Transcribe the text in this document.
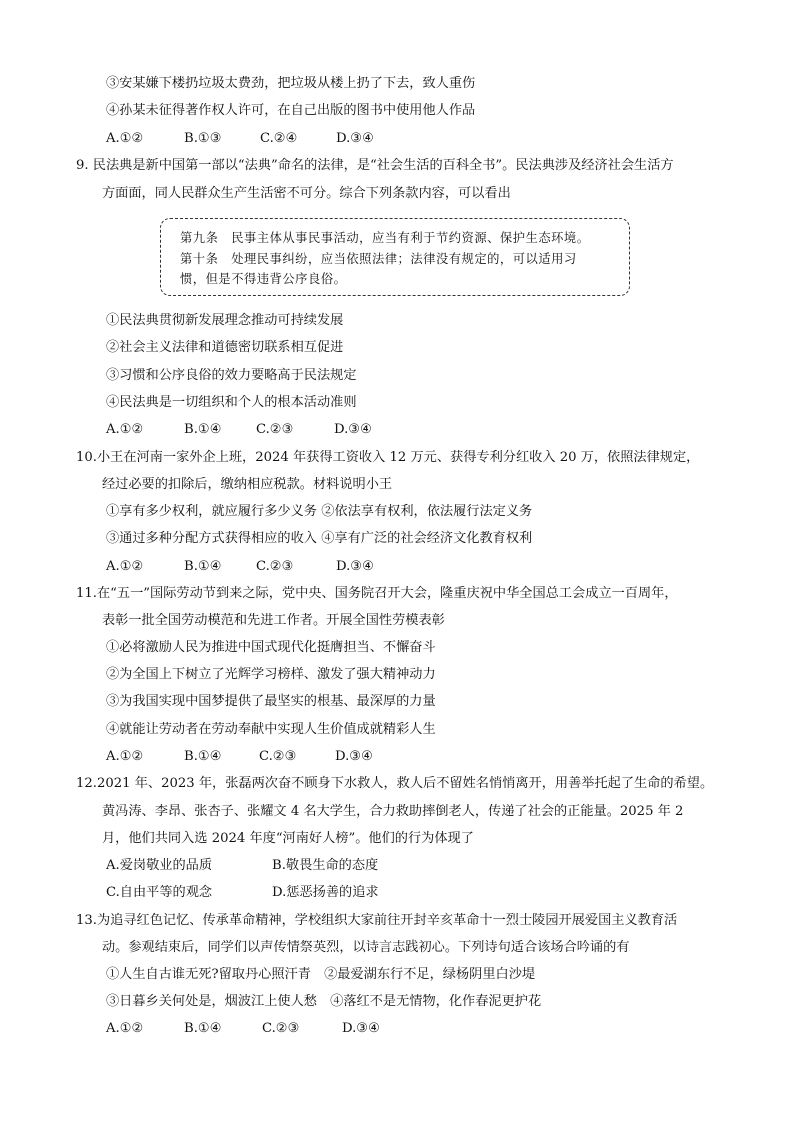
③安某嫌下楼扔垃圾太费劲，把垃圾从楼上扔了下去，致人重伤
④孙某未征得著作权人许可，在自己出版的图书中使用他人作品
A.①②	B.①③	C.②④	D.③④
9. 民法典是新中国第一部以“法典”命名的法律，是“社会生活的百科全书”。民法典涉及经济社会生活方
方面面，同人民群众生产生活密不可分。综合下列条款内容，可以看出
第九条　民事主体从事民事活动，应当有利于节约资源、保护生态环境。
第十条　处理民事纠纷，应当依照法律；法律没有规定的，可以适用习
惯，但是不得违背公序良俗。
①民法典贯彻新发展理念推动可持续发展
②社会主义法律和道德密切联系相互促进
③习惯和公序良俗的效力要略高于民法规定
④民法典是一切组织和个人的根本活动准则
A.①②	B.①④	C.②③	D.③④
10.小王在河南一家外企上班，2024 年获得工资收入 12 万元、获得专利分红收入 20 万，依照法律规定，
经过必要的扣除后，缴纳相应税款。材料说明小王
①享有多少权利，就应履行多少义务 ②依法享有权利，依法履行法定义务
③通过多种分配方式获得相应的收入 ④享有广泛的社会经济文化教育权利
A.①②	B.①④	C.②③	D.③④
11.在“五一”国际劳动节到来之际，党中央、国务院召开大会，隆重庆祝中华全国总工会成立一百周年，
表彰一批全国劳动模范和先进工作者。开展全国性劳模表彰
①必将激励人民为推进中国式现代化挺膺担当、不懈奋斗
②为全国上下树立了光辉学习榜样、激发了强大精神动力
③为我国实现中国梦提供了最坚实的根基、最深厚的力量
④就能让劳动者在劳动奉献中实现人生价值成就精彩人生
A.①②	B.①④	C.②③	D.③④
12.2021 年、2023 年，张磊两次奋不顾身下水救人，救人后不留姓名悄悄离开，用善举托起了生命的希望。
黄冯涛、李昂、张杏子、张耀文 4 名大学生，合力救助摔倒老人，传递了社会的正能量。2025 年 2
月，他们共同入选 2024 年度“河南好人榜”。他们的行为体现了
A.爱岗敬业的品质	B.敬畏生命的态度
C.自由平等的观念	D.惩恶扬善的追求
13.为追寻红色记忆、传承革命精神，学校组织大家前往开封辛亥革命十一烈士陵园开展爱国主义教育活
动。参观结束后，同学们以声传情祭英烈，以诗言志践初心。下列诗句适合该场合吟诵的有
①人生自古谁无死?留取丹心照汗青　②最爱湖东行不足，绿杨阴里白沙堤
③日暮乡关何处是，烟波江上使人愁　④落红不是无情物，化作春泥更护花
A.①②	B.①④	C.②③	D.③④
